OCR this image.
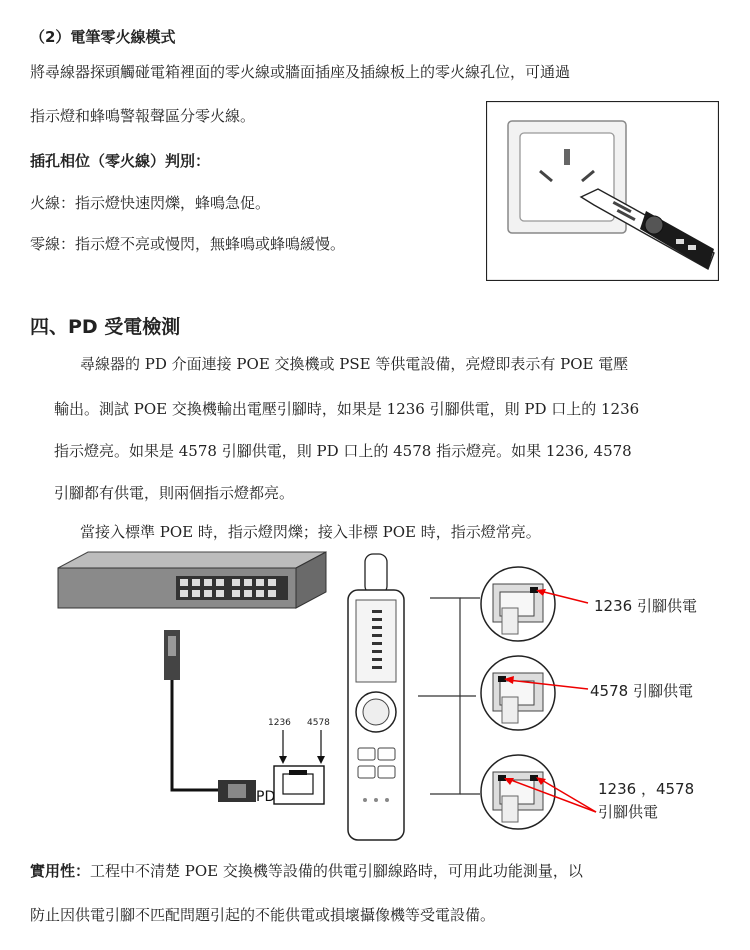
（2）電筆零火線模式
將尋線器探頭觸碰電箱裡面的零火線或牆面插座及插線板上的零火線孔位，可通過
指示燈和蜂鳴警報聲區分零火線。
插孔相位（零火線）判別：
火線：指示燈快速閃爍，蜂鳴急促。
零線：指示燈不亮或慢閃，無蜂鳴或蜂鳴緩慢。
四、PD 受電檢測
尋線器的 PD 介面連接 POE 交換機或 PSE 等供電設備，亮燈即表示有 POE 電壓
輸出。測試 POE 交換機輸出電壓引腳時，如果是 1236 引腳供電，則 PD 口上的 1236
指示燈亮。如果是 4578 引腳供電，則 PD 口上的 4578 指示燈亮。如果 1236, 4578
引腳都有供電，則兩個指示燈都亮。
當接入標準 POE 時，指示燈閃爍；接入非標 POE 時，指示燈常亮。
1236 4578
PD
1236 引腳供電
4578 引腳供電
1236 ，4578
引腳供電
實用性：工程中不清楚 POE 交換機等設備的供電引腳線路時，可用此功能測量，以
防止因供電引腳不匹配問題引起的不能供電或損壞攝像機等受電設備。
